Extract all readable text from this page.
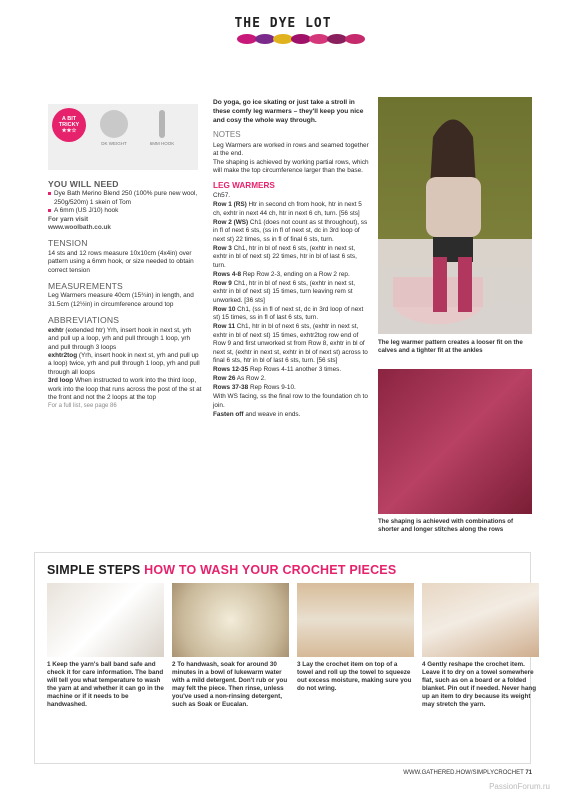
THE DYE LOT
A BIT
TRICKY
★★☆
DK WEIGHT	6MM HOOK
YOU WILL NEED
Dye Bath Merino Blend 250 (100% pure new wool, 250g/520m) 1 skein of Tom
A 6mm (US J/10) hook
For yarn visit
www.woolbath.co.uk
TENSION
14 sts and 12 rows measure 10x10cm (4x4in) over pattern using a 6mm hook, or size needed to obtain correct tension
MEASUREMENTS
Leg Warmers measure 40cm (15¾in) in length, and 31.5cm (12½in) in circumference around top
ABBREVIATIONS
exhtr (extended htr) Yrh, insert hook in next st, yrh and pull up a loop, yrh and pull through 1 loop, yrh and pull through 3 loops
exhtr2tog (Yrh, insert hook in next st, yrh and pull up a loop) twice, yrh and pull through 1 loop, yrh and pull through all loops
3rd loop When instructed to work into the third loop, work into the loop that runs across the post of the st at the front and not the 2 loops at the top
For a full list, see page 86
Do yoga, go ice skating or just take a stroll in these comfy leg warmers – they'll keep you nice and cosy the whole way through.
NOTES
Leg Warmers are worked in rows and seamed together at the end.
The shaping is achieved by working partial rows, which will make the top circumference larger than the base.
LEG WARMERS
Ch57.
Row 1 (RS) Htr in second ch from hook, htr in next 5 ch, exhtr in next 44 ch, htr in next 6 ch, turn. [56 sts]
Row 2 (WS) Ch1 (does not count as st throughout), ss in fl of next 6 sts, (ss in fl of next st, dc in 3rd loop of next st) 22 times, ss in fl of final 6 sts, turn.
Row 3 Ch1, htr in bl of next 6 sts, (exhtr in next st, exhtr in bl of next st) 22 times, htr in bl of last 6 sts, turn.
Rows 4-8 Rep Row 2-3, ending on a Row 2 rep.
Row 9 Ch1, htr in bl of next 6 sts, (exhtr in next st, exhtr in bl of next st) 15 times, turn leaving rem st unworked. [36 sts]
Row 10 Ch1, (ss in fl of next st, dc in 3rd loop of next st) 15 times, ss in fl of last 6 sts, turn.
Row 11 Ch1, htr in bl of next 6 sts, (exhtr in next st, exhtr in bl of next st) 15 times, exhtr2tog row end of Row 9 and first unworked st from Row 8, exhtr in bl of next st, (exhtr in next st, exhtr in bl of next st) across to final 6 sts, htr in bl of last 6 sts, turn. [56 sts]
Rows 12-35 Rep Rows 4-11 another 3 times.
Row 26 As Row 2.
Rows 37-38 Rep Rows 9-10.
With WS facing, ss the final row to the foundation ch to join.
Fasten off and weave in ends.
The leg warmer pattern creates a looser fit on the calves and a tighter fit at the ankles
The shaping is achieved with combinations of shorter and longer stitches along the rows
SIMPLE STEPS HOW TO WASH YOUR CROCHET PIECES
1 Keep the yarn's ball band safe and check it for care information. The band will tell you what temperature to wash the yarn at and whether it can go in the machine or if it needs to be handwashed.
2 To handwash, soak for around 30 minutes in a bowl of lukewarm water with a mild detergent. Don't rub or you may felt the piece. Then rinse, unless you've used a non-rinsing detergent, such as Soak or Eucalan.
3 Lay the crochet item on top of a towel and roll up the towel to squeeze out excess moisture, making sure you do not wring.
4 Gently reshape the crochet item. Leave it to dry on a towel somewhere flat, such as on a board or a folded blanket. Pin out if needed. Never hang up an item to dry because its weight may stretch the yarn.
WWW.GATHERED.HOW/SIMPLYCROCHET 71
PassionForum.ru
